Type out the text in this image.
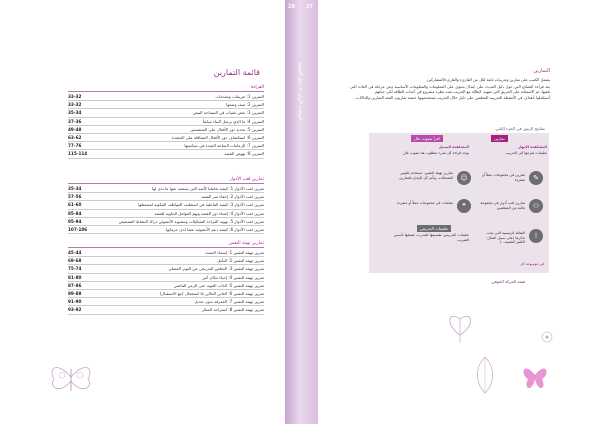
قائمة التمارين
القراءة
التمرين 1: تعريفات ومقدمات
33-32
التمرين 2: صف وضعها
33-32
التمرين 3: بعض تقنيات في المساحة البيض
35-34
التمرين 4: ما الذي يرسل البناء سابقاً
37-36
التمرين 5: تحديد دور الأفعال على المتشمس
49-48
التمرين 6: استكشاف دور الأفعال المتناقلة على الحشدة
63-62
التمرين 7: الزعامات الساعة الجيدة في سياستها
77-76
التمرين 8: نهوض القصة
115-114
تمارين لعب الأدوار
تمرين لعب الأدوار 1: كيفية تعاملنا كأمية التي يستعيد عنها ما ندى لها
35-34
تمرين لعب الأدوار 2: إخفاء سر الفضة
57-56
تمرين لعب الأدوار 3: كيفية الفاعلية في استقليب العواطف المكونة لمستعلها
61-60
تمرين لعب الأدوار 4: إشتاء دور الفضة ونهم العوامل الحاوية للفضة
85-84
تمرين لعب الأدوار 5: نهوية القراءة التشكيلات وتنشوية الأنشوئي دراك النشاط التشخيص
95-94
تمرين لعب الأدوار 6: كيفية دعم الأنشوئية عشا لدى حرمانها
107-106
تمارين تهيئة النفس
تمرين تهيئة النفس 1: إسماء الجسد
45-44
تمرين تهيئة النفس 2: التأمل
69-68
تمرين تهيئة النفس 3: التخلص التدريجي من التوتر العضلي
75-74
تمرين تهيئة النفس 4: إحياء مكان آمن
81-80
تمرين تهيئة النفس 5: الذات القوية حتى الزمن الماضي
87-86
تمرين تهيئة النفس 6: العاني الحالي بلا استعجال (مع الاستقبال)
89-88
تمرين تهيئة النفس 7: المعرفة بدون تعديل
91-90
تمرين تهيئة النفس 8: استراحة الشكر
93-92
28 27
الوحدة الأولى • دليل المعلم	التمارين

يشمل الكتيب على تمارين وتدريبات تابعة لكل من القاريء والقاريء/المشاركين.

بعد قراءة النصائح التي حول دليل العبء، على ابتدال يحتوي على المعلومات والمعلومات الأساسية وعن مرحلة في العادة التي تلقيها، ثم الاستعانة على الحريق التي تمهيد، لإطالة مع التدريب تمت نظرة مشروع في أحداث الطاقة لكي حياتهم.

أستكملوا بأهداف في الأنشطة التدريبية المعلمين على دليل خلال التدريب تستخدمونها حسنة تماريون المعد التمارين والدلالات.

مفاتيح الرموز في الجزء الثاني
تمارين
اقرأ بصوت عال
المشاهدة الإبهار
تعليمات شرحها إلى التدريب
المشاهدة البسيل
يوجد قراءة كل شيء مطلوب هنا بصوت عال
✎
تمارين في مجموعات عملاً أو منفردة
☺
تمارين تهيئة النفس: تستخدم للتوتير التصدقات، وتأتم كل الإبداع بالتمارين
⚇
تمارين لعب أدوار في مجموعة عالية من المتعلمين
❝
نقاشات في مجموعات عملاً أو منفردة
تعليمات التدريس
تعليمات التدريس: تقسيمها للمدرب، شتملها تأسس الشريب	!
النقاط الرئيسية التي يجب تذكرها (على سبيل المثال: الكفير الفضية...)
في موسوعة كل
قيمة الحركة الخوفي
